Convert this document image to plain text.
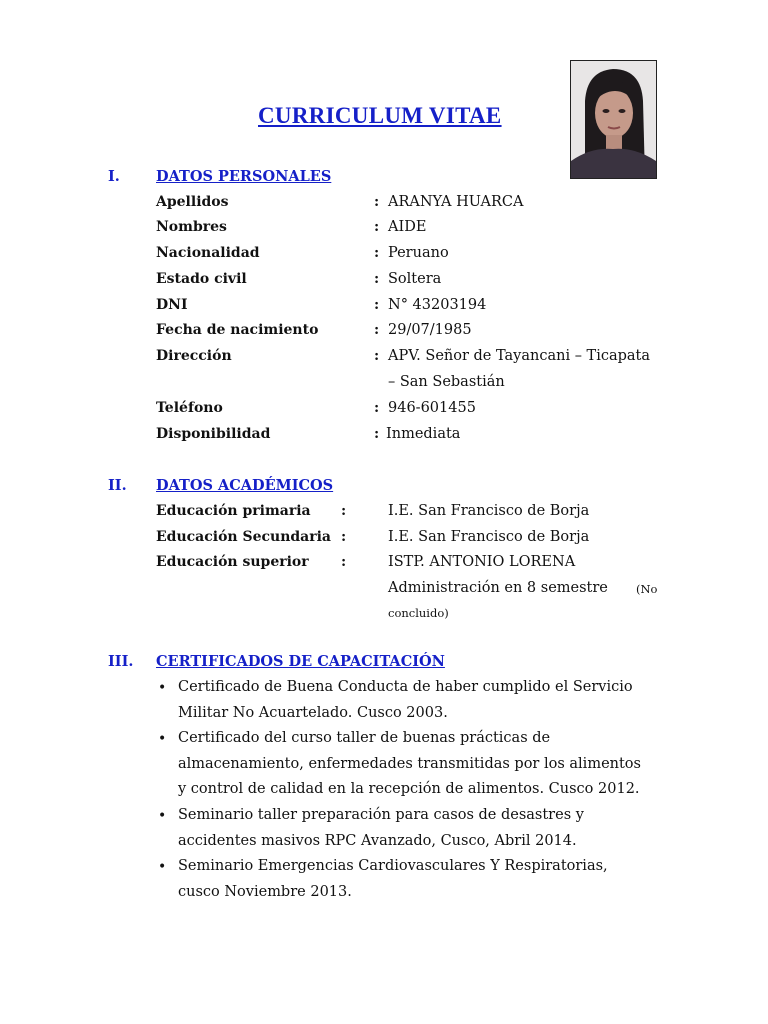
CURRICULUM VITAE
I. DATOS PERSONALES
Apellidos	: ARANYA HUARCA
Nombres	: AIDE
Nacionalidad	: Peruano
Estado civil	: Soltera
DNI	: N° 43203194
Fecha de nacimiento	: 29/07/1985
Dirección	: APV. Señor de Tayancani – Ticapata
– San Sebastián
Teléfono	: 946-601455
Disponibilidad	: Inmediata
II. DATOS ACADÉMICOS
Educación primaria :	I.E. San Francisco de Borja
Educación Secundaria :	I.E. San Francisco de Borja
Educación superior :	ISTP. ANTONIO LORENA
Administración en 8 semestre (No
concluido)
III. CERTIFICADOS DE CAPACITACIÓN
• Certificado de Buena Conducta de haber cumplido el Servicio
Militar No Acuartelado. Cusco 2003.
• Certificado del curso taller de buenas prácticas de
almacenamiento, enfermedades transmitidas por los alimentos
y control de calidad en la recepción de alimentos. Cusco 2012.
• Seminario taller preparación para casos de desastres y
accidentes masivos RPC Avanzado, Cusco, Abril 2014.
• Seminario Emergencias Cardiovasculares Y Respiratorias,
cusco Noviembre 2013.
